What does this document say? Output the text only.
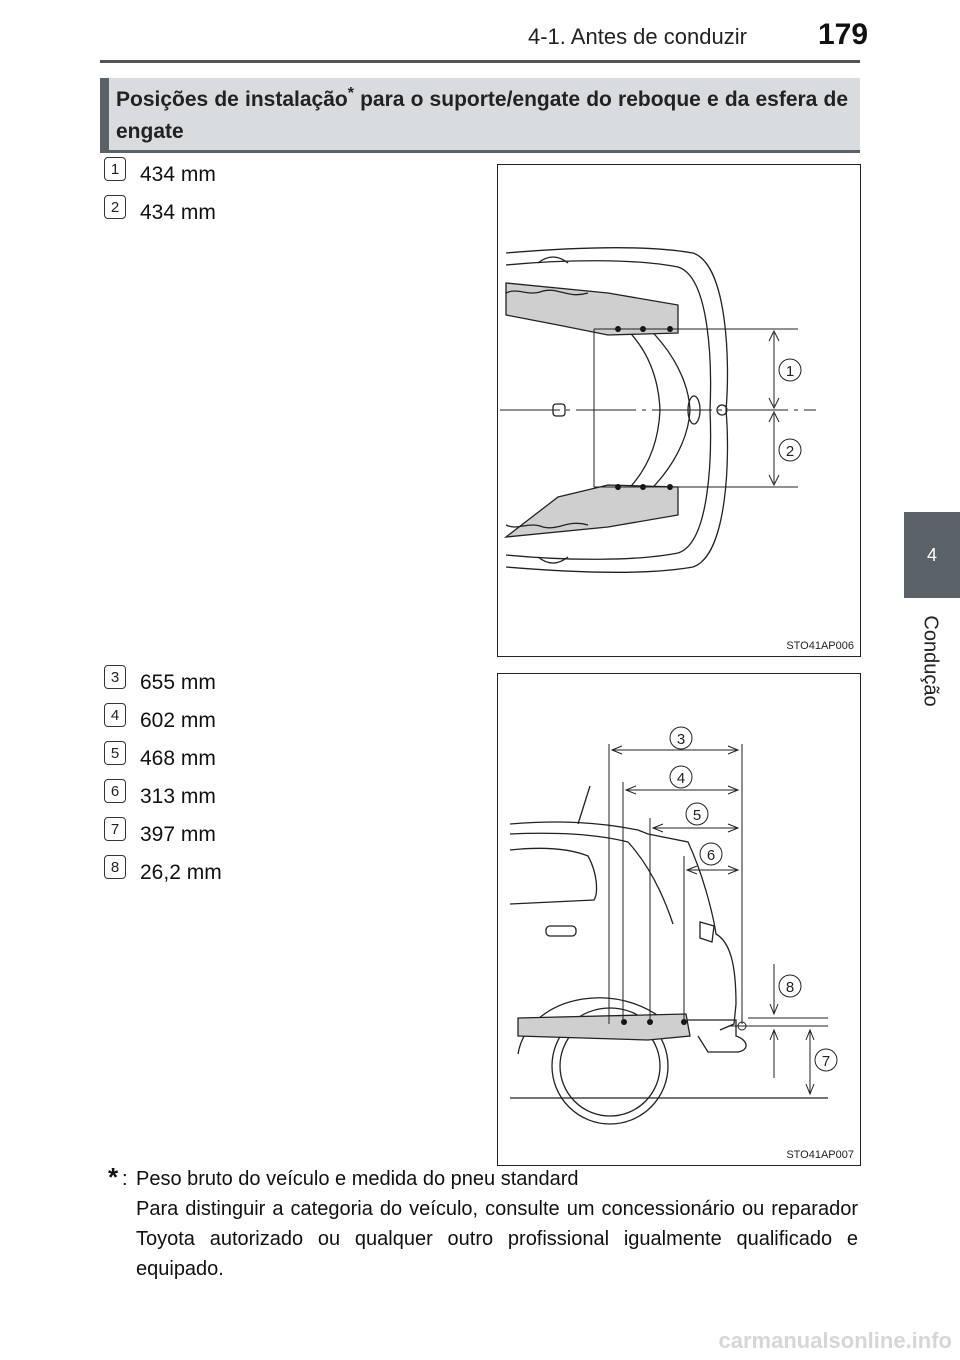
4-1. Antes de conduzir 179
Posições de instalação* para o suporte/engate do reboque e da esfera de engate
4
Condução
1 434 mm
2 434 mm
3 655 mm
4 602 mm
5 468 mm
6 313 mm
7 397 mm
8 26,2 mm
1
2
STO41AP006
3
4
5
6
8
7
STO41AP007
* : Peso bruto do veículo e medida do pneu standard
Para distinguir a categoria do veículo, consulte um concessionário ou reparador Toyota autorizado ou qualquer outro profissional igualmente qualificado e equipado.
carmanualsonline.info
